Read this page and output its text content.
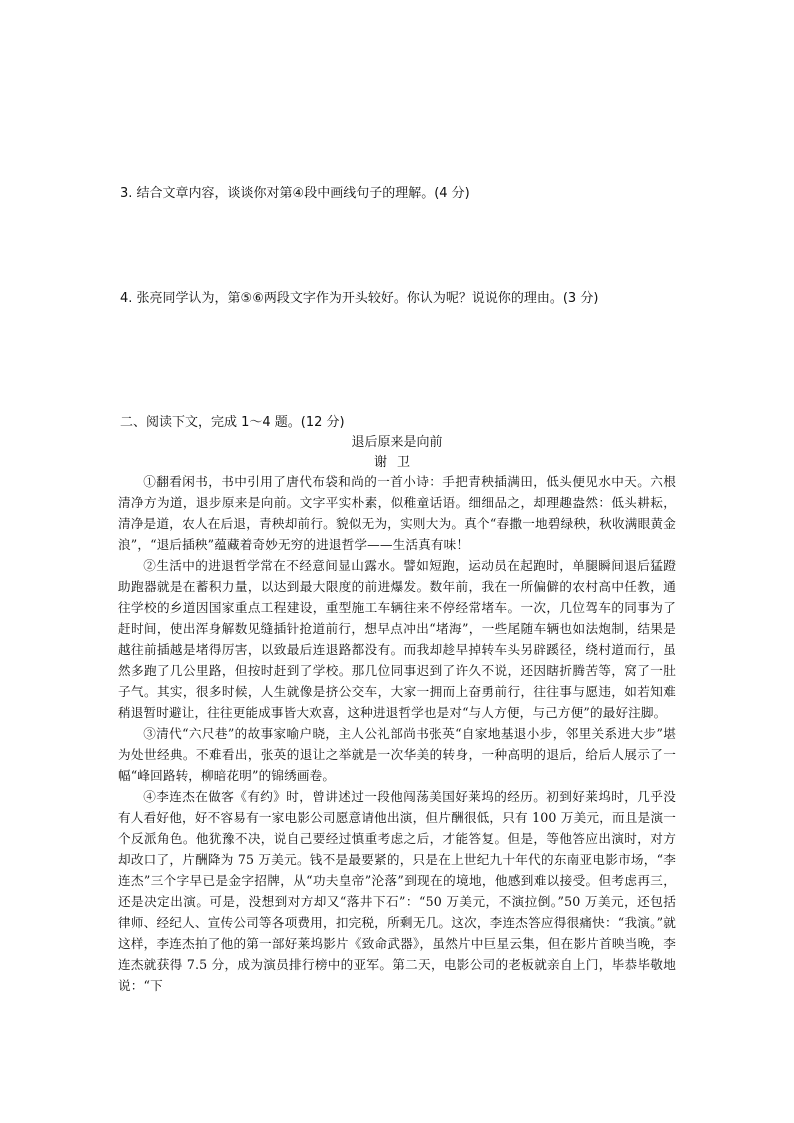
3. 结合文章内容，谈谈你对第④段中画线句子的理解。(4 分)
4. 张亮同学认为，第⑤⑥两段文字作为开头较好。你认为呢？说说你的理由。(3 分)
二、阅读下文，完成 1～4 题。(12 分)
退后原来是向前
谢卫

①翻看闲书，书中引用了唐代布袋和尚的一首小诗：手把青秧插满田，低头便见水中天。六根清净方为道，退步原来是向前。文字平实朴素，似稚童话语。细细品之，却理趣盎然：低头耕耘，清净是道，农人在后退，青秧却前行。貌似无为，实则大为。真个“春撒一地碧绿秧，秋收满眼黄金浪”，“退后插秧”蕴藏着奇妙无穷的进退哲学——生活真有味！

②生活中的进退哲学常在不经意间显山露水。譬如短跑，运动员在起跑时，单腿瞬间退后猛蹬助跑器就是在蓄积力量，以达到最大限度的前进爆发。数年前，我在一所偏僻的农村高中任教，通往学校的乡道因国家重点工程建设，重型施工车辆往来不停经常堵车。一次，几位驾车的同事为了赶时间，使出浑身解数见缝插针抢道前行，想早点冲出“堵海”，一些尾随车辆也如法炮制，结果是越往前插越是堵得厉害，以致最后连退路都没有。而我却趁早掉转车头另辟蹊径，绕村道而行，虽然多跑了几公里路，但按时赶到了学校。那几位同事迟到了许久不说，还因瞎折腾苦等，窝了一肚子气。其实，很多时候，人生就像是挤公交车，大家一拥而上奋勇前行，往往事与愿违，如若知难稍退暂时避让，往往更能成事皆大欢喜，这种进退哲学也是对“与人方便，与己方便”的最好注脚。

③清代“六尺巷”的故事家喻户晓，主人公礼部尚书张英“自家地基退小步，邻里关系进大步”堪为处世经典。不难看出，张英的退让之举就是一次华美的转身，一种高明的退后，给后人展示了一幅“峰回路转，柳暗花明”的锦绣画卷。

④李连杰在做客《有约》时，曾讲述过一段他闯荡美国好莱坞的经历。初到好莱坞时，几乎没有人看好他，好不容易有一家电影公司愿意请他出演，但片酬很低，只有 100 万美元，而且是演一个反派角色。他犹豫不决，说自己要经过慎重考虑之后，才能答复。但是，等他答应出演时，对方却改口了，片酬降为 75 万美元。钱不是最要紧的，只是在上世纪九十年代的东南亚电影市场，“李连杰”三个字早已是金字招牌，从“功夫皇帝”沦落”到现在的境地，他感到难以接受。但考虑再三，还是决定出演。可是，没想到对方却又“落井下石”：“50 万美元，不演拉倒。”50 万美元，还包括律师、经纪人、宣传公司等各项费用，扣完税，所剩无几。这次，李连杰答应得很痛快：“我演。”就这样，李连杰拍了他的第一部好莱坞影片《致命武器》，虽然片中巨星云集，但在影片首映当晚，李连杰就获得 7.5 分，成为演员排行榜中的亚军。第二天，电影公司的老板就亲自上门，毕恭毕敬地说：“下
